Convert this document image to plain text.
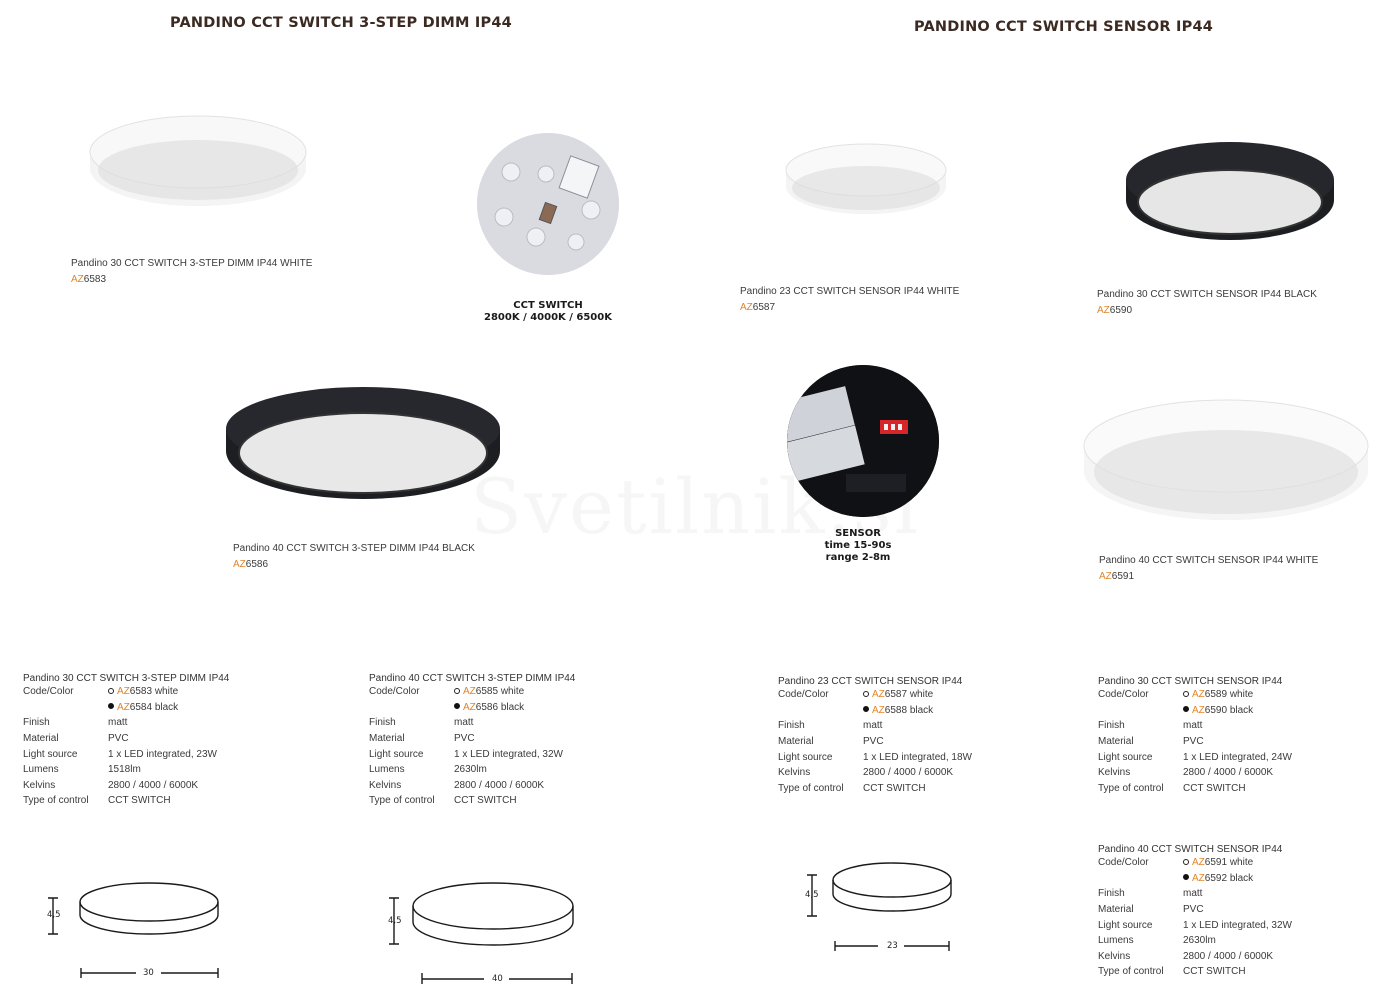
PANDINO CCT SWITCH 3-STEP DIMM IP44	PANDINO CCT SWITCH SENSOR IP44
Pandino 30 CCT SWITCH 3-STEP DIMM IP44 WHITE
AZ6583
CCT SWITCH
2800K / 4000K / 6500K
Pandino 23 CCT SWITCH SENSOR IP44 WHITE
AZ6587
Pandino 30 CCT SWITCH SENSOR IP44 BLACK
AZ6590
Pandino 40 CCT SWITCH 3-STEP DIMM IP44 BLACK
AZ6586
SENSOR
time 15-90s
range 2-8m	Pandino 40 CCT SWITCH SENSOR IP44 WHITE
AZ6591
Pandino 30 CCT SWITCH 3-STEP DIMM IP44
Code/Color	AZ6583 white
	AZ6584 black
Finish	matt
Material	PVC
Light source	1 x LED integrated, 23W
Lumens	1518lm
Kelvins	2800 / 4000 / 6000K
Type of control	CCT SWITCH
Pandino 40 CCT SWITCH 3-STEP DIMM IP44
Code/Color	AZ6585 white
	AZ6586 black
Finish	matt
Material	PVC
Light source	1 x LED integrated, 32W
Lumens	2630lm
Kelvins	2800 / 4000 / 6000K
Type of control	CCT SWITCH
Pandino 23 CCT SWITCH SENSOR IP44
Code/Color	AZ6587 white
	AZ6588 black
Finish	matt
Material	PVC
Light source	1 x LED integrated, 18W
Kelvins	2800 / 4000 / 6000K
Type of control	CCT SWITCH
Pandino 30 CCT SWITCH SENSOR IP44
Code/Color	AZ6589 white
	AZ6590 black
Finish	matt
Material	PVC
Light source	1 x LED integrated, 24W
Kelvins	2800 / 4000 / 6000K
Type of control	CCT SWITCH
Pandino 40 CCT SWITCH SENSOR IP44
Code/Color	AZ6591 white
	AZ6592 black
Finish	matt
Material	PVC
Light source	1 x LED integrated, 32W
Lumens	2630lm
Kelvins	2800 / 4000 / 6000K
Type of control	CCT SWITCH
4,5
30
4,5
40
4,5
23
